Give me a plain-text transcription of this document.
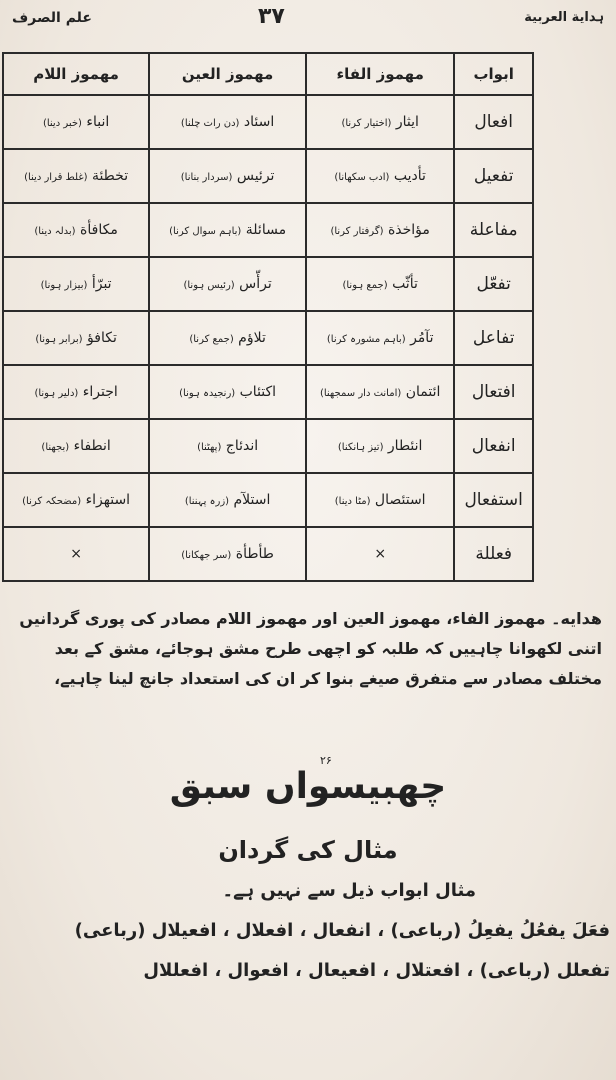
ہداية العربية
۳۷
علم الصرف
ابواب	مهموز الفاء	مهموز العين	مهموز اللام
افعال	ایثار (اختیار کرنا)	اسئاد (دن رات چلنا)	انباء (خبر دینا)
تفعیل	تأدیب (ادب سکھانا)	ترئیس (سردار بنانا)	تخطئة (غلط قرار دینا)
مفاعلة	مؤاخذة (گرفتار کرنا)	مسائلة (باہم سوال کرنا)	مکافأة (بدلہ دینا)
تفعّل	تأثّب (جمع ہونا)	ترأّس (رئیس ہونا)	تبرّأ (بیزار ہونا)
تفاعل	تآمُر (باہم مشورہ کرنا)	تلاؤم (جمع کرنا)	تکافؤ (برابر ہونا)
افتعال	ائتمان (امانت دار سمجھنا)	اکتئاب (رنجیدہ ہونا)	اجتراء (دلیر ہونا)
انفعال	انئطار (تیز ہانکنا)	اندئاج (پھٹنا)	انطفاء (بجھنا)
استفعال	استئصال (مٹا دینا)	استلآم (زرہ پہننا)	استھزاء (مضحکہ کرنا)
فعللة	×	طأطأة (سر جھکانا)	×

هدايه۔ مهموز الفاء، مهموز العين اور مهموز اللام مصادر کی پوری گردانیں اتنی لکھوانا چاہییں کہ طلبہ کو اچھی طرح مشق ہوجائے، مشق کے بعد مختلف مصادر سے متفرق صیغے بنوا کر ان کی استعداد جانچ لینا چاہیے،

۲۶
چھبیسواں سبق
مثال کی گردان
مثال ابواب ذیل سے نہیں ہے۔
فعَلَ یفعُلُ یفعِلُ (رباعی) ، انفعال ، افعلال ، افعیلال (رباعی)
تفعلل (رباعی) ، افعتلال ، افعیعال ، افعوال ، افعللال
